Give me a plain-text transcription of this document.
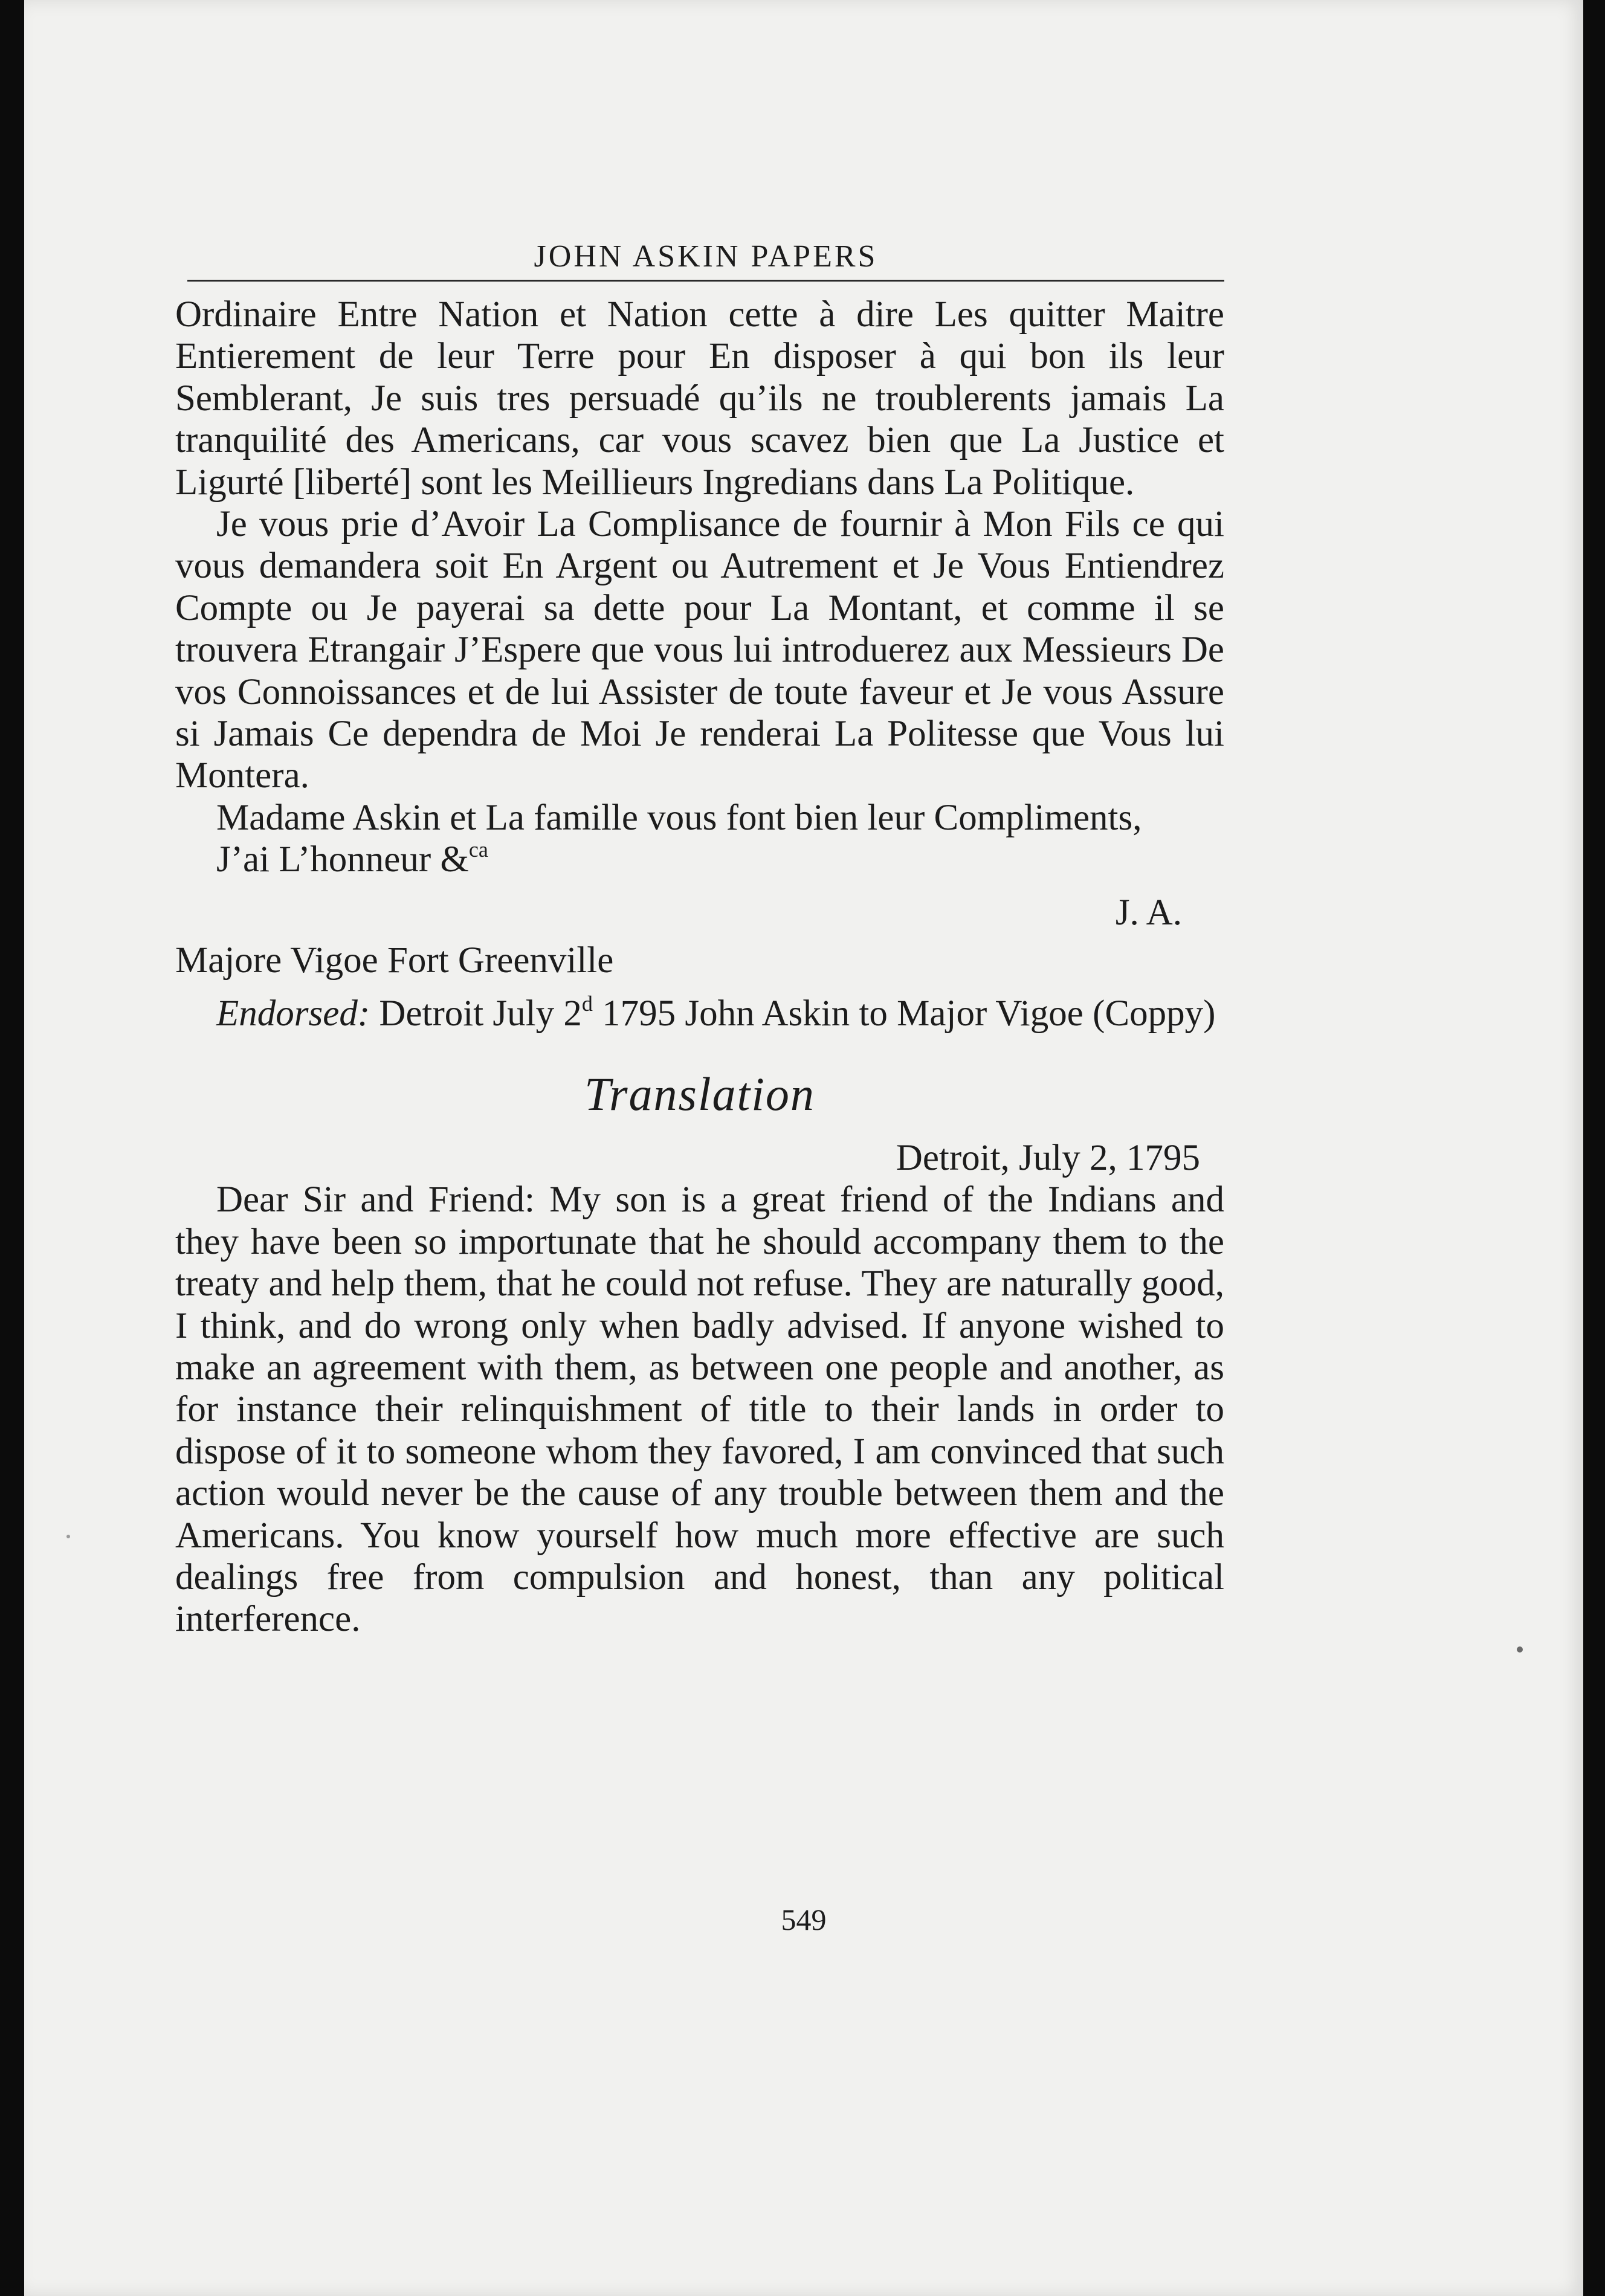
JOHN ASKIN PAPERS

Ordinaire Entre Nation et Nation cette à dire Les quitter Maitre Entierement de leur Terre pour En disposer à qui bon ils leur Semblerant, Je suis tres persuadé qu’ils ne troublerents jamais La tranquilité des Americans, car vous scavez bien que La Justice et Ligurté [liberté] sont les Meillieurs Ingredians dans La Politique.

Je vous prie d’Avoir La Complisance de fournir à Mon Fils ce qui vous demandera soit En Argent ou Autrement et Je Vous Entiendrez Compte ou Je payerai sa dette pour La Montant, et comme il se trouvera Etrangair J’Espere que vous lui introduerez aux Messieurs De vos Connoissances et de lui Assister de toute faveur et Je vous Assure si Jamais Ce dependra de Moi Je renderai La Politesse que Vous lui Montera.

Madame Askin et La famille vous font bien leur Compliments,

J’ai L’honneur &$^{ca}$

J. A.

Majore Vigoe Fort Greenville

Endorsed: Detroit July 2$^d$ 1795 John Askin to Major Vigoe (Coppy)

Translation

Detroit, July 2, 1795

Dear Sir and Friend: My son is a great friend of the Indians and they have been so importunate that he should accompany them to the treaty and help them, that he could not refuse. They are naturally good, I think, and do wrong only when badly advised. If anyone wished to make an agreement with them, as between one people and another, as for instance their relinquishment of title to their lands in order to dispose of it to someone whom they favored, I am convinced that such action would never be the cause of any trouble between them and the Americans. You know yourself how much more effective are such dealings free from compulsion and honest, than any political interference.

549
